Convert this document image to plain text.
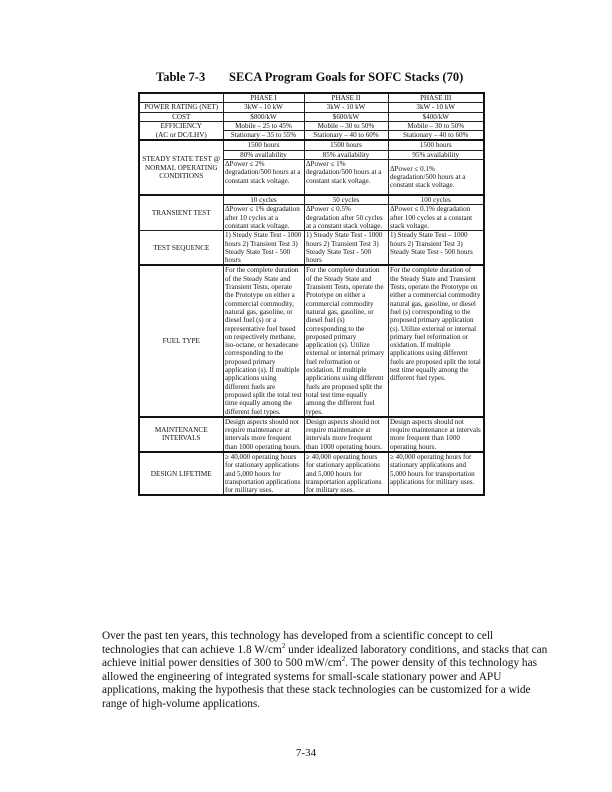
Table 7-3 SECA Program Goals for SOFC Stacks (70)
	PHASE I	PHASE II	PHASE III
POWER RATING (NET)	3kW - 10 kW	3kW - 10 kW	3kW - 10 kW
COST	$800/kW	$600/kW	$400/kW

EFFICIENCY
(AC or DC/LHV)	Mobile – 25 to 45%	Mobile – 30 to 50%	Mobile – 30 to 50%
	Stationary – 35 to 55%	Stationary – 40 to 60%	Stationary – 40 to 60%
STEADY STATE TEST @ NORMAL OPERATING CONDITIONS	1500 hours	1500 hours	1500 hours
	80% availability	85% availability	95% availability
	ΔPower ≤ 2% degradation/500 hours at a constant stack voltage.	ΔPower ≤ 1% degradation/500 hours at a constant stack voltage.	ΔPower ≤ 0.1% degradation/500 hours at a constant stack voltage.
TRANSIENT TEST	10 cycles	50 cycles	100 cycles
	ΔPower ≤ 1% degradation after 10 cycles at a constant stack voltage.	ΔPower ≤ 0.5% degradation after 50 cycles at a constant stack voltage.	ΔPower ≤ 0.1% degradation after 100 cycles at a constant stack voltage.
TEST SEQUENCE	1) Steady State Test - 1000 hours 2) Transient Test 3) Steady State Test - 500 hours	1) Steady State Test - 1000 hours 2) Transient Test 3) Steady State Test - 500 hours	1) Steady State Test – 1000 hours 2) Transient Test 3) Steady State Test - 500 hours
FUEL TYPE	For the complete duration of the Steady State and Transient Tests, operate the Prototype on either a commercial commodity, natural gas, gasoline, or diesel fuel (s) or a representative fuel based on respectively methane, iso-octane, or hexadecane corresponding to the proposed primary application (s). If multiple applications using different fuels are proposed split the total test time equally among the different fuel types.	For the complete duration of the Steady State and Transient Tests, operate the Prototype on either a commercial commodity natural gas, gasoline, or diesel fuel (s) corresponding to the proposed primary application (s). Utilize external or internal primary fuel reformation or oxidation. If multiple applications using different fuels are proposed split the total test time equally among the different fuel types.	For the complete duration of the Steady State and Transient Tests, operate the Prototype on either a commercial commodity natural gas, gasoline, or diesel fuel (s) corresponding to the proposed primary application (s). Utilize external or internal primary fuel reformation or oxidation. If multiple applications using different fuels are proposed split the total test time equally among the different fuel types.

MAINTENANCE
INTERVALS	Design aspects should not require maintenance at intervals more frequent than 1000 operating hours.	Design aspects should not require maintenance at intervals more frequent than 1000 operating hours.	Design aspects should not require maintenance at intervals more frequent than 1000 operating hours.
DESIGN LIFETIME	≥ 40,000 operating hours for stationary applications and 5,000 hours for transportation applications for military uses.	≥ 40,000 operating hours for stationary applications and 5,000 hours for transportation applications for military uses.	≥ 40,000 operating hours for stationary applications and 5,000 hours for transportation applications for military uses.

Over the past ten years, this technology has developed from a scientific concept to cell technologies that can achieve 1.8 $W/cm^2$ under idealized laboratory conditions, and stacks that can achieve initial power densities of 300 to 500 $mW/cm^2$. The power density of this technology has allowed the engineering of integrated systems for small-scale stationary power and APU applications, making the hypothesis that these stack technologies can be customized for a wide range of high-volume applications.

7-34
